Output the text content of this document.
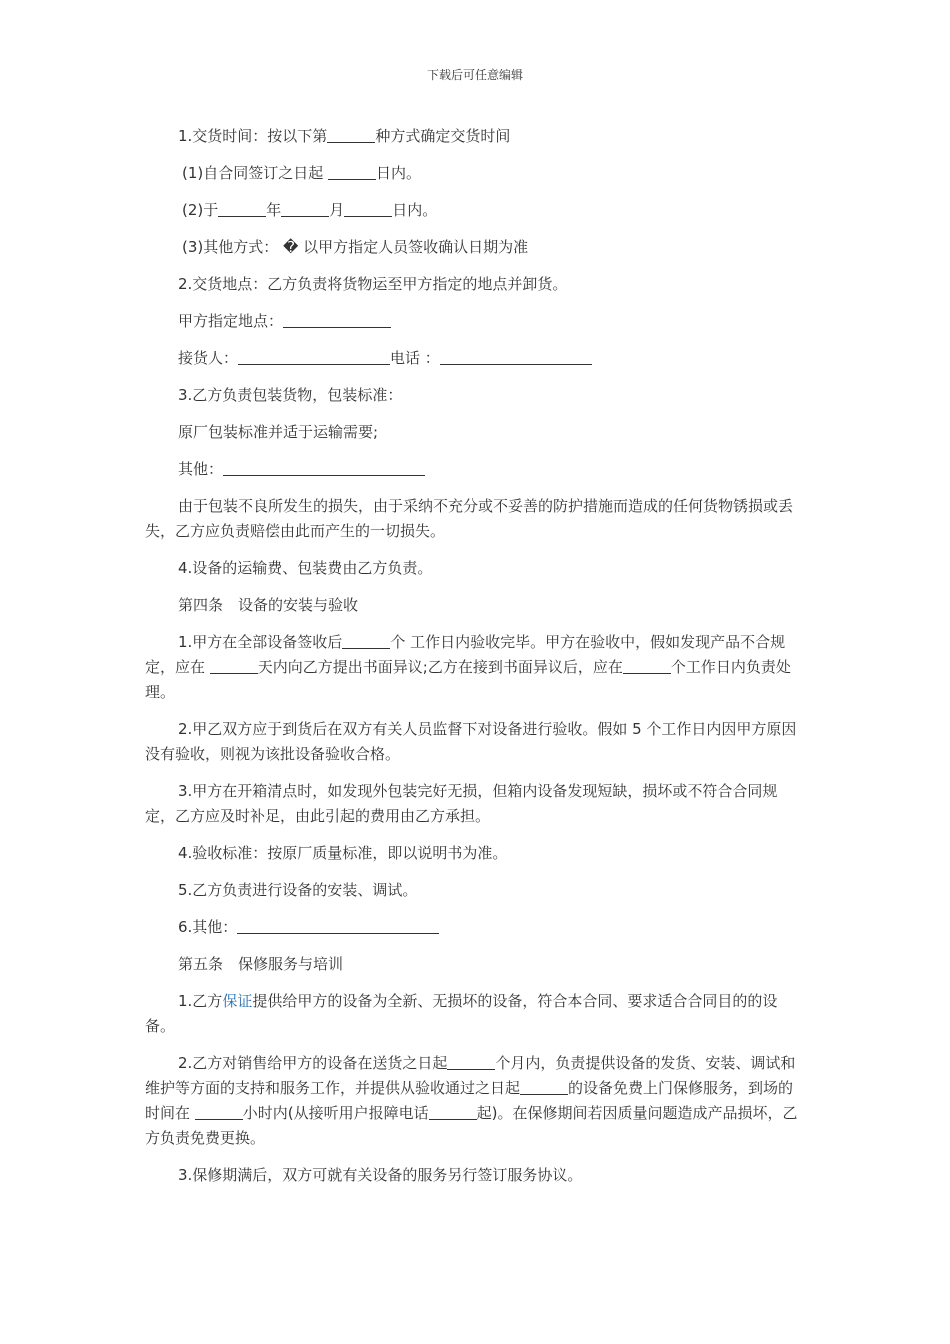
下载后可任意编辑

1.交货时间：按以下第	种方式确定交货时间

(1)自合同签订之日起	日内。

(2)于	年	月	日内。

(3)其他方式： � 以甲方指定人员签收确认日期为准

2.交货地点：乙方负责将货物运至甲方指定的地点并卸货。

甲方指定地点：

接货人：	电话 ：

3.乙方负责包装货物，包装标准：

原厂包装标准并适于运输需要;

其他：

由于包装不良所发生的损失，由于采纳不充分或不妥善的防护措施而造成的任何货物锈损或丢失，乙方应负责赔偿由此而产生的一切损失。

4.设备的运输费、包装费由乙方负责。

第四条　设备的安装与验收

1.甲方在全部设备签收后	个 工作日内验收完毕。甲方在验收中，假如发现产品不合规定，应在	天内向乙方提出书面异议;乙方在接到书面异议后，应在	个工作日内负责处理。

2.甲乙双方应于到货后在双方有关人员监督下对设备进行验收。假如 5 个工作日内因甲方原因没有验收，则视为该批设备验收合格。

3.甲方在开箱清点时，如发现外包装完好无损，但箱内设备发现短缺，损坏或不符合合同规定，乙方应及时补足，由此引起的费用由乙方承担。

4.验收标准：按原厂质量标准，即以说明书为准。

5.乙方负责进行设备的安装、调试。

6.其他：

第五条　保修服务与培训

1.乙方保证提供给甲方的设备为全新、无损坏的设备，符合本合同、要求适合合同目的的设备。

2.乙方对销售给甲方的设备在送货之日起	个月内，负责提供设备的发货、安装、调试和维护等方面的支持和服务工作，并提供从验收通过之日起	的设备免费上门保修服务，到场的时间在	小时内(从接听用户报障电话	起)。在保修期间若因质量问题造成产品损坏，乙方负责免费更换。

3.保修期满后，双方可就有关设备的服务另行签订服务协议。
